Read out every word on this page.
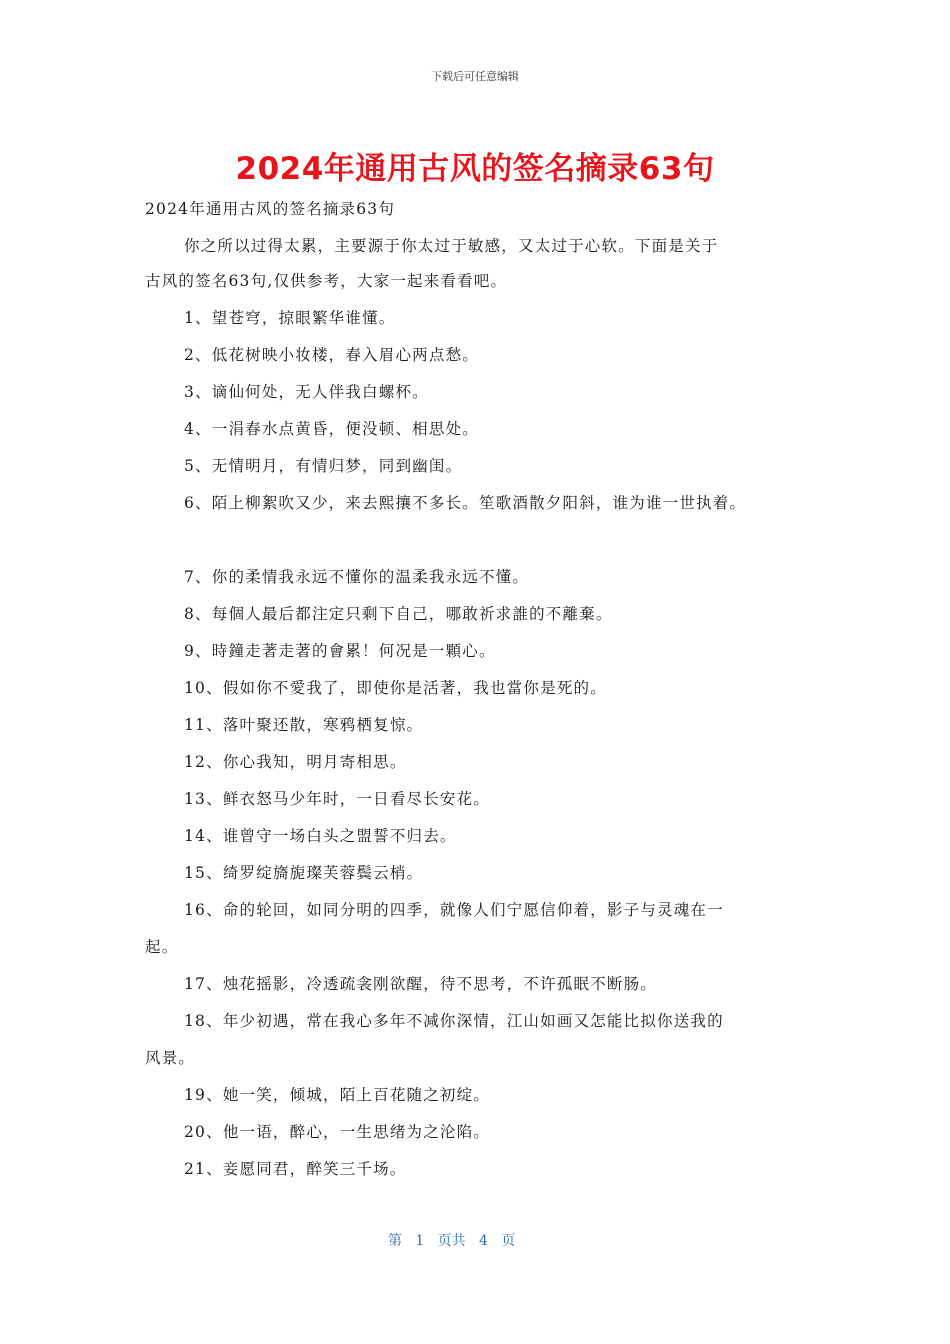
下载后可任意编辑
2024年通用古风的签名摘录63句
2024年通用古风的签名摘录63句
你之所以过得太累，主要源于你太过于敏感，又太过于心软。下面是关于
古风的签名63句,仅供参考，大家一起来看看吧。
1、望苍穹，掠眼繁华谁懂。
2、低花树映小妆楼，春入眉心两点愁。
3、谪仙何处，无人伴我白螺杯。
4、一涓春水点黄昏，便没顿、相思处。
5、无情明月，有情归梦，同到幽闺。
6、陌上柳絮吹又少，来去熙攘不多长。笙歌酒散夕阳斜，谁为谁一世执着。
7、你的柔情我永远不懂你的温柔我永远不懂。
8、每個人最后都注定只剩下自己，哪敢祈求誰的不離棄。
9、時鐘走著走著的會累！何况是一顆心。
10、假如你不愛我了，即使你是活著，我也當你是死的。
11、落叶聚还散，寒鸦栖复惊。
12、你心我知，明月寄相思。
13、鲜衣怒马少年时，一日看尽长安花。
14、谁曾守一场白头之盟誓不归去。
15、绮罗绽旖旎璨芙蓉鬓云梢。
16、命的轮回，如同分明的四季，就像人们宁愿信仰着，影子与灵魂在一
起。
17、烛花摇影，冷透疏衾刚欲醒，待不思考，不许孤眠不断肠。
18、年少初遇，常在我心多年不减你深情，江山如画又怎能比拟你送我的
风景。
19、她一笑，倾城，陌上百花随之初绽。
20、他一语，醉心，一生思绪为之沦陷。
21、妾愿同君，醉笑三千场。
第 1 页共 4 页
